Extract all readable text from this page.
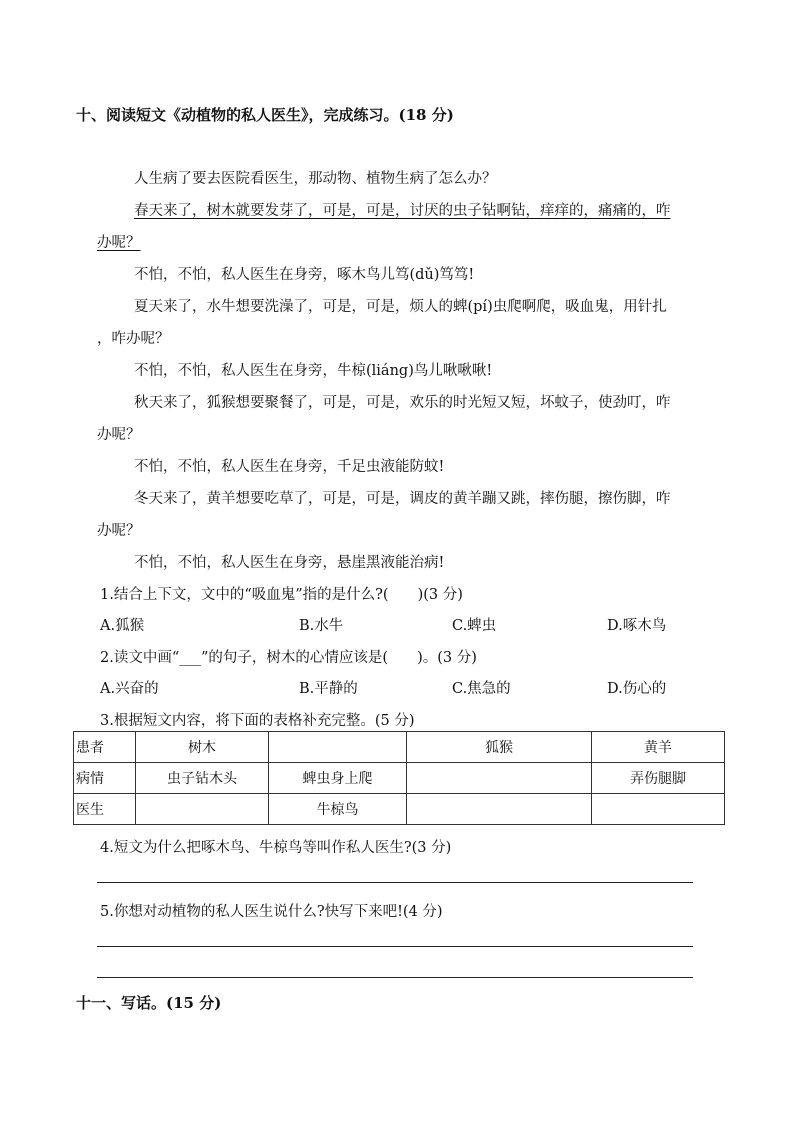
十、阅读短文《动植物的私人医生》，完成练习。(18 分)
人生病了要去医院看医生，那动物、植物生病了怎么办？
春天来了，树木就要发芽了，可是，可是，讨厌的虫子钻啊钻，痒痒的，痛痛的，咋
办呢？
不怕，不怕，私人医生在身旁，啄木鸟儿笃(dǔ)笃笃!
夏天来了，水牛想要洗澡了，可是，可是，烦人的蜱(pí)虫爬啊爬，吸血鬼，用针扎
，咋办呢？
不怕，不怕，私人医生在身旁，牛椋(liáng)鸟儿啾啾啾!
秋天来了，狐猴想要聚餐了，可是，可是，欢乐的时光短又短，坏蚊子，使劲叮，咋
办呢？
不怕，不怕，私人医生在身旁，千足虫液能防蚊!
冬天来了，黄羊想要吃草了，可是，可是，调皮的黄羊蹦又跳，摔伤腿，擦伤脚，咋
办呢？
不怕，不怕，私人医生在身旁，悬崖黑液能治病!
1.结合上下文，文中的“吸血鬼”指的是什么?(　　)(3 分)
A.狐猴	B.水牛	C.蜱虫	D.啄木鸟
2.读文中画“___”的句子，树木的心情应该是(　　)。(3 分)
A.兴奋的	B.平静的	C.焦急的	D.伤心的
3.根据短文内容，将下面的表格补充完整。(5 分)
患者	树木		狐猴	黄羊
病情	虫子钻木头	蜱虫身上爬		弄伤腿脚
医生		牛椋鸟		
4.短文为什么把啄木鸟、牛椋鸟等叫作私人医生?(3 分)
5.你想对动植物的私人医生说什么?快写下来吧!(4 分)
十一、写话。(15 分)
